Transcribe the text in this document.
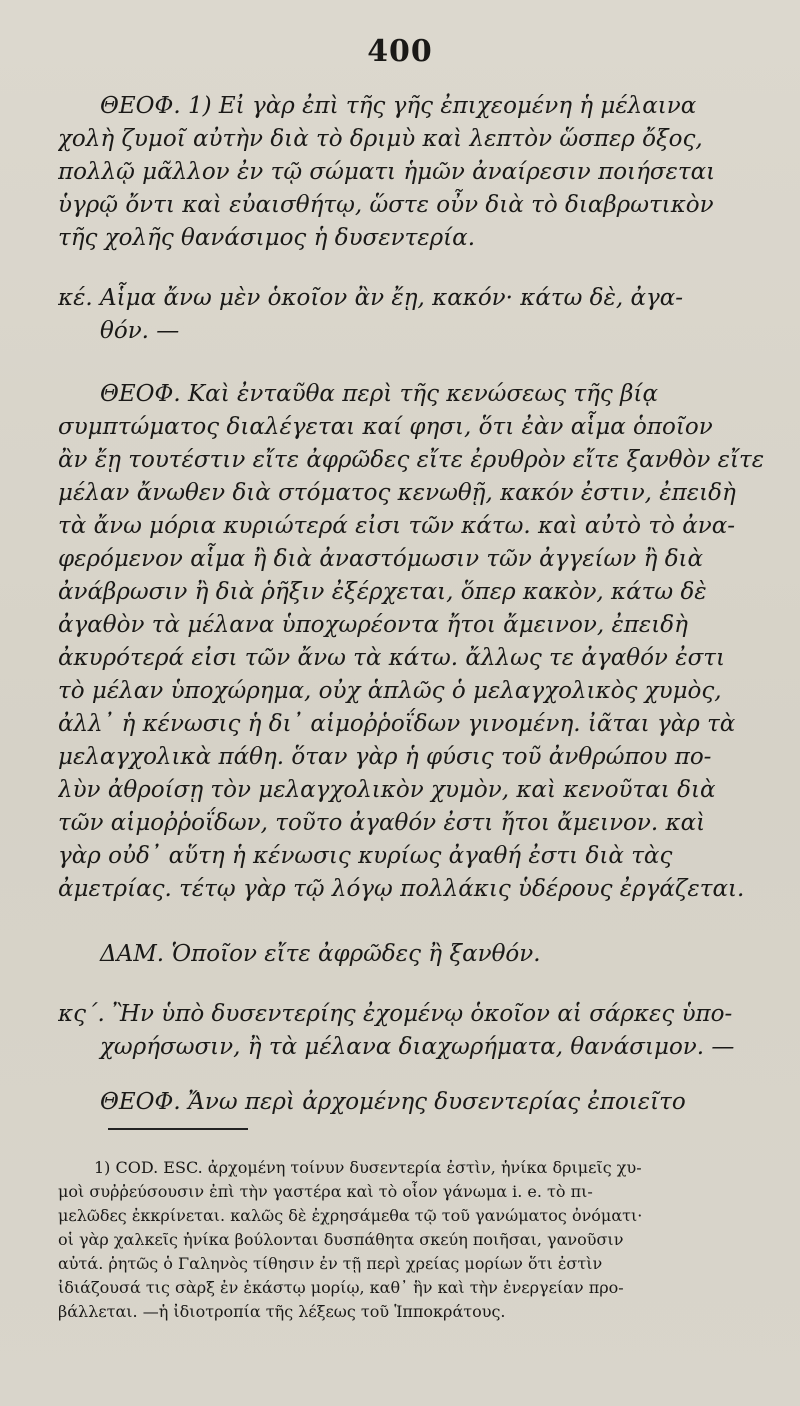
400
ΘΕΟΦ. 1) Εἰ γὰρ ἐπὶ τῆς γῆς ἐπιχεομένη ἡ μέλαινα
χολὴ ζυμοῖ αὐτὴν διὰ τὸ δριμὺ καὶ λεπτὸν ὥσπερ ὄξος,
πολλῷ μᾶλλον ἐν τῷ σώματι ἡμῶν ἀναίρεσιν ποιήσεται
ὑγρῷ ὄντι καὶ εὐαισθήτῳ, ὥστε οὖν διὰ τὸ διαβρωτικὸν
τῆς χολῆς θανάσιμος ἡ δυσεντερία.
κέ. Αἷμα ἄνω μὲν ὁκοῖον ἂν ἔῃ, κακόν· κάτω δὲ, ἀγα-
θόν. —
ΘΕΟΦ. Καὶ ἐνταῦθα περὶ τῆς κενώσεως τῆς βίᾳ
συμπτώματος διαλέγεται καί φησι, ὅτι ἐὰν αἷμα ὁποῖον
ἂν ἔῃ τουτέστιν εἴτε ἀφρῶδες εἴτε ἐρυθρὸν εἴτε ξανθὸν εἴτε
μέλαν ἄνωθεν διὰ στόματος κενωθῇ, κακόν ἐστιν, ἐπειδὴ
τὰ ἄνω μόρια κυριώτερά εἰσι τῶν κάτω. καὶ αὐτὸ τὸ ἀνα-
φερόμενον αἷμα ἢ διὰ ἀναστόμωσιν τῶν ἀγγείων ἢ διὰ
ἀνάβρωσιν ἢ διὰ ῥῆξιν ἐξέρχεται, ὅπερ κακὸν, κάτω δὲ
ἀγαθὸν τὰ μέλανα ὑποχωρέοντα ἤτοι ἄμεινον, ἐπειδὴ
ἀκυρότερά εἰσι τῶν ἄνω τὰ κάτω. ἄλλως τε ἀγαθόν ἐστι
τὸ μέλαν ὑποχώρημα, οὐχ ἁπλῶς ὁ μελαγχολικὸς χυμὸς,
ἀλλ᾽ ἡ κένωσις ἡ δι᾽ αἱμοῤῥοΐδων γινομένη. ἰᾶται γὰρ τὰ
μελαγχολικὰ πάθη. ὅταν γὰρ ἡ φύσις τοῦ ἀνθρώπου πο-
λὺν ἀθροίσῃ τὸν μελαγχολικὸν χυμὸν, καὶ κενοῦται διὰ
τῶν αἱμοῤῥοΐδων, τοῦτο ἀγαθόν ἐστι ἤτοι ἄμεινον. καὶ
γὰρ οὐδ᾽ αὕτη ἡ κένωσις κυρίως ἀγαθή ἐστι διὰ τὰς
ἀμετρίας. τέτῳ γὰρ τῷ λόγῳ πολλάκις ὑδέρους ἐργάζεται.
ΔΑΜ. Ὁποῖον εἴτε ἀφρῶδες ἢ ξανθόν.
κς΄. Ἢν ὑπὸ δυσεντερίης ἐχομένῳ ὁκοῖον αἱ σάρκες ὑπο-
χωρήσωσιν, ἢ τὰ μέλανα διαχωρήματα, θανάσιμον. —
ΘΕΟΦ. Ἄνω περὶ ἀρχομένης δυσεντερίας ἐποιεῖτο
1) COD. ESC. ἀρχομένη τοίνυν δυσεντερία ἐστὶν, ἡνίκα δριμεῖς χυ-
μοὶ συῤῥεύσουσιν ἐπὶ τὴν γαστέρα καὶ τὸ οἷον γάνωμα i. e. τὸ πι-
μελῶδες ἐκκρίνεται. καλῶς δὲ ἐχρησάμεθα τῷ τοῦ γανώματος ὀνόματι·
οἱ γὰρ χαλκεῖς ἡνίκα βούλονται δυσπάθητα σκεύη ποιῆσαι, γανοῦσιν
αὐτά. ῥητῶς ὁ Γαληνὸς τίθησιν ἐν τῇ περὶ χρείας μορίων ὅτι ἐστὶν
ἰδιάζουσά τις σὰρξ ἐν ἑκάστῳ μορίῳ, καθ᾽ ἣν καὶ τὴν ἐνεργείαν προ-
βάλλεται. —ἡ ἰδιοτροπία τῆς λέξεως τοῦ Ἱπποκράτους.
